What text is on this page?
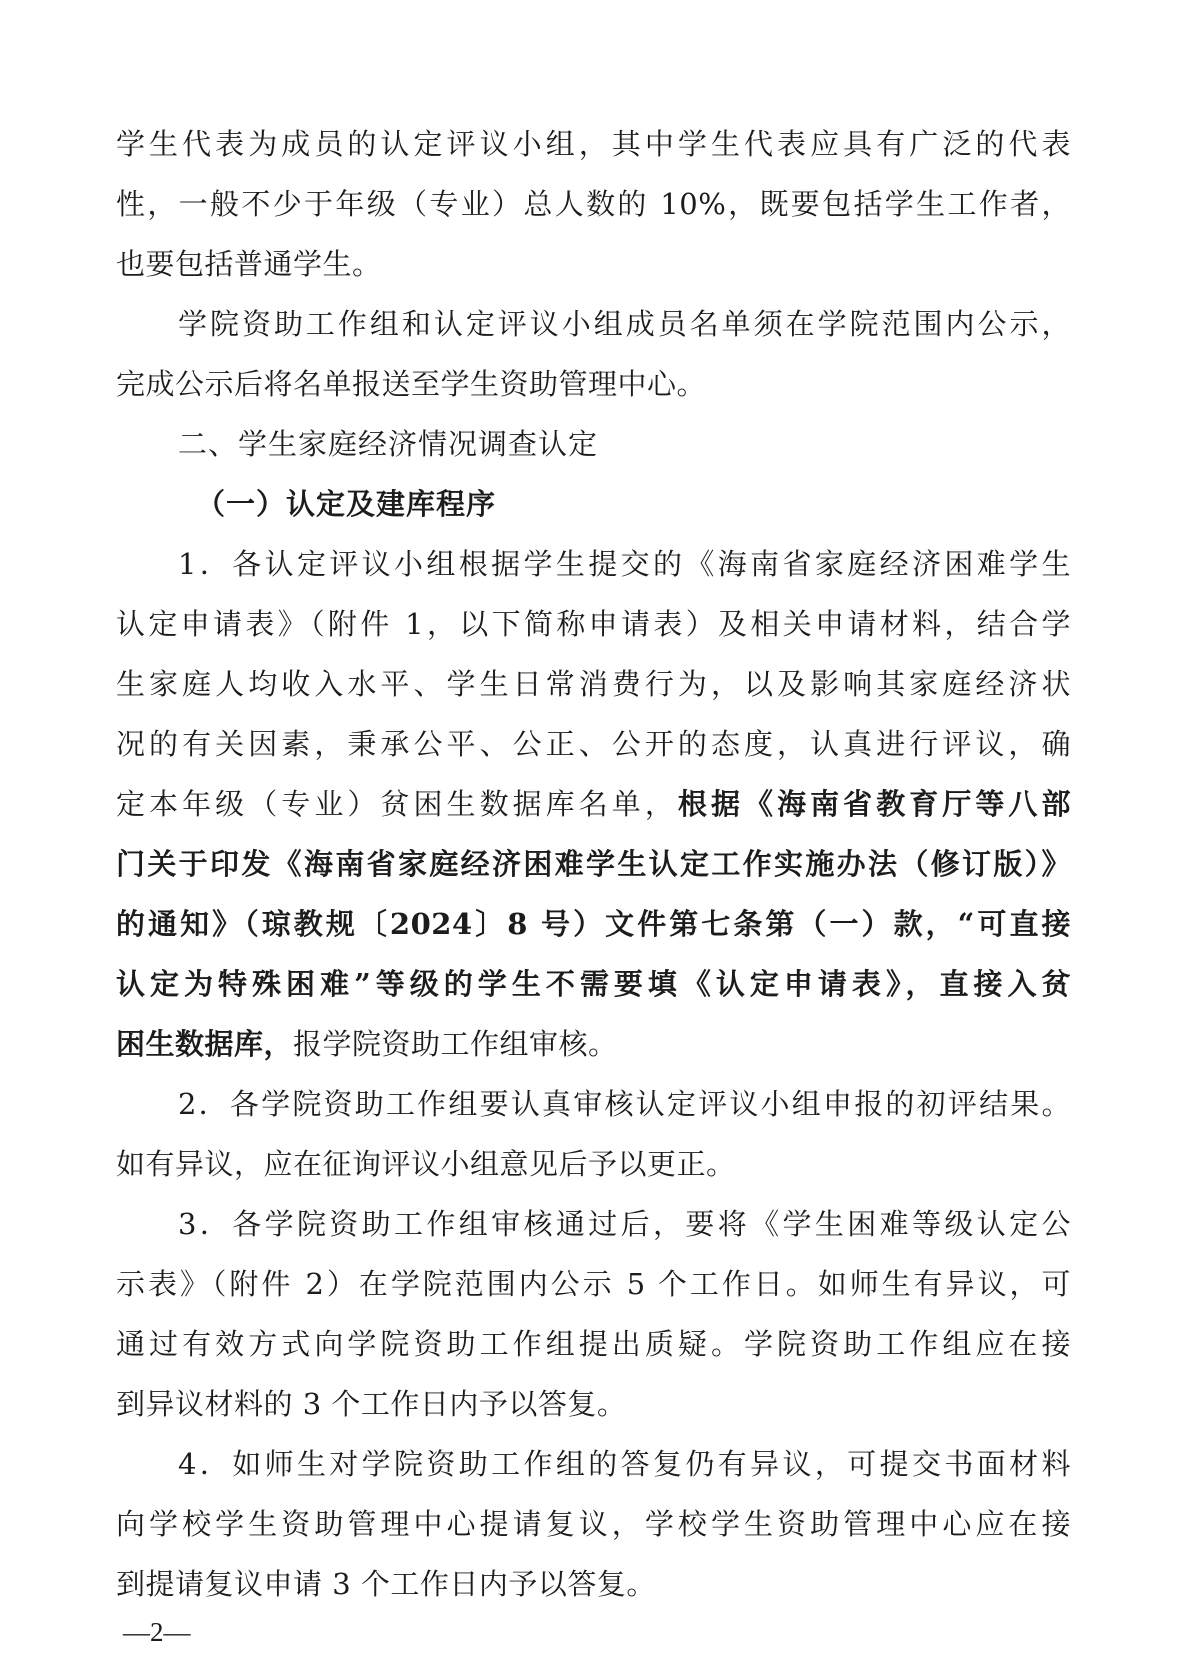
学生代表为成员的认定评议小组，其中学生代表应具有广泛的代表
性，一般不少于年级（专业）总人数的 10%，既要包括学生工作者，
也要包括普通学生。
学院资助工作组和认定评议小组成员名单须在学院范围内公示，
完成公示后将名单报送至学生资助管理中心。
二、学生家庭经济情况调查认定
（一）认定及建库程序
1．各认定评议小组根据学生提交的《海南省家庭经济困难学生
认定申请表》（附件 1，以下简称申请表）及相关申请材料，结合学
生家庭人均收入水平、学生日常消费行为，以及影响其家庭经济状
况的有关因素，秉承公平、公正、公开的态度，认真进行评议，确
定本年级（专业）贫困生数据库名单，根据《海南省教育厅等八部
门关于印发《海南省家庭经济困难学生认定工作实施办法（修订版）》
的通知》（琼教规〔2024〕8 号）文件第七条第（一）款，“可直接
认定为特殊困难”等级的学生不需要填《认定申请表》，直接入贫
困生数据库，报学院资助工作组审核。
2．各学院资助工作组要认真审核认定评议小组申报的初评结果。
如有异议，应在征询评议小组意见后予以更正。
3．各学院资助工作组审核通过后，要将《学生困难等级认定公
示表》（附件 2）在学院范围内公示 5 个工作日。如师生有异议，可
通过有效方式向学院资助工作组提出质疑。学院资助工作组应在接
到异议材料的 3 个工作日内予以答复。
4．如师生对学院资助工作组的答复仍有异议，可提交书面材料
向学校学生资助管理中心提请复议，学校学生资助管理中心应在接
到提请复议申请 3 个工作日内予以答复。
—2—
